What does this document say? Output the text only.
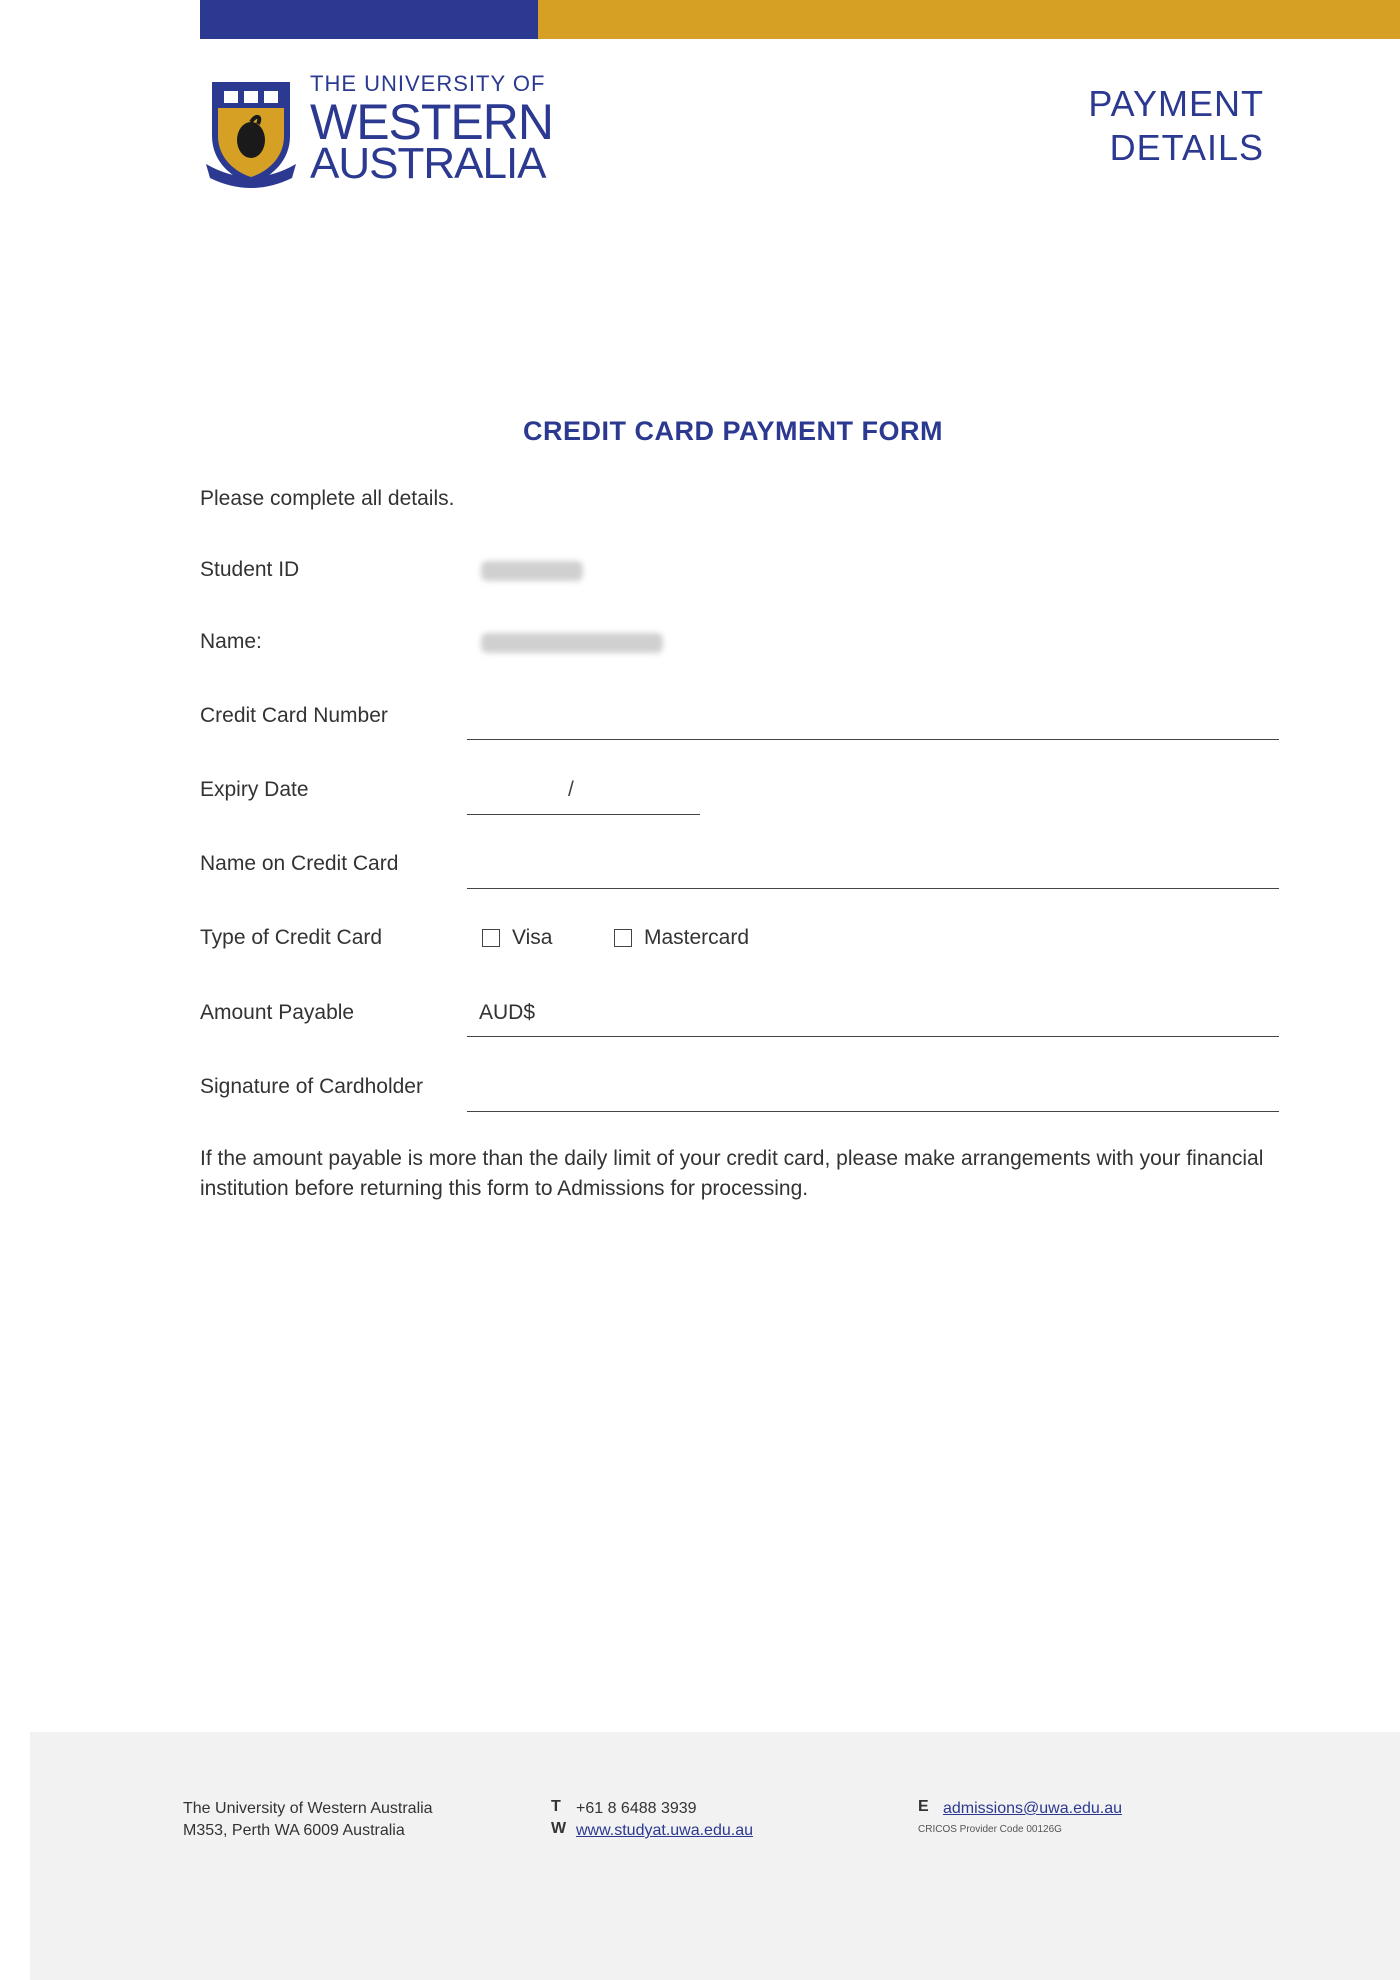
THE UNIVERSITY OF
WESTERN
AUSTRALIA
PAYMENT
DETAILS
CREDIT CARD PAYMENT FORM
Please complete all details.
Student ID
Name:
Credit Card Number
Expiry Date	/
Name on Credit Card
Type of Credit Card	Visa	Mastercard
Amount Payable	AUD$
Signature of Cardholder
If the amount payable is more than the daily limit of your credit card, please make arrangements with your financial institution before returning this form to Admissions for processing.
The University of Western Australia
M353, Perth WA 6009 Australia
T +61 8 6488 3939
W www.studyat.uwa.edu.au
E admissions@uwa.edu.au
CRICOS Provider Code 00126G
